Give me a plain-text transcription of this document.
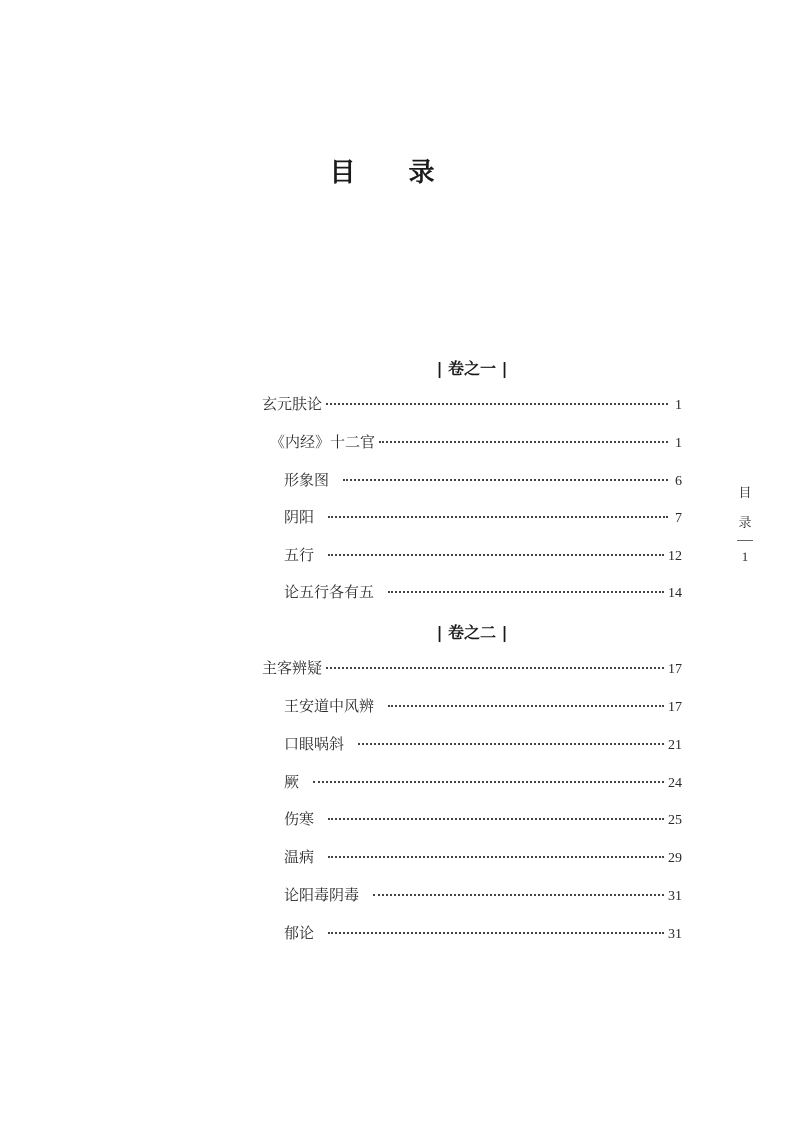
目 录
| 卷之一 |
玄元肤论	1
《内经》十二官	1
形象图	6
阴阳	7
五行	12
论五行各有五	14
| 卷之二 |
主客辨疑	17
王安道中风辨	17
口眼㖞斜	21
厥	24
伤寒	25
温病	29
论阳毒阴毒	31
郁论	31
目
录
1
